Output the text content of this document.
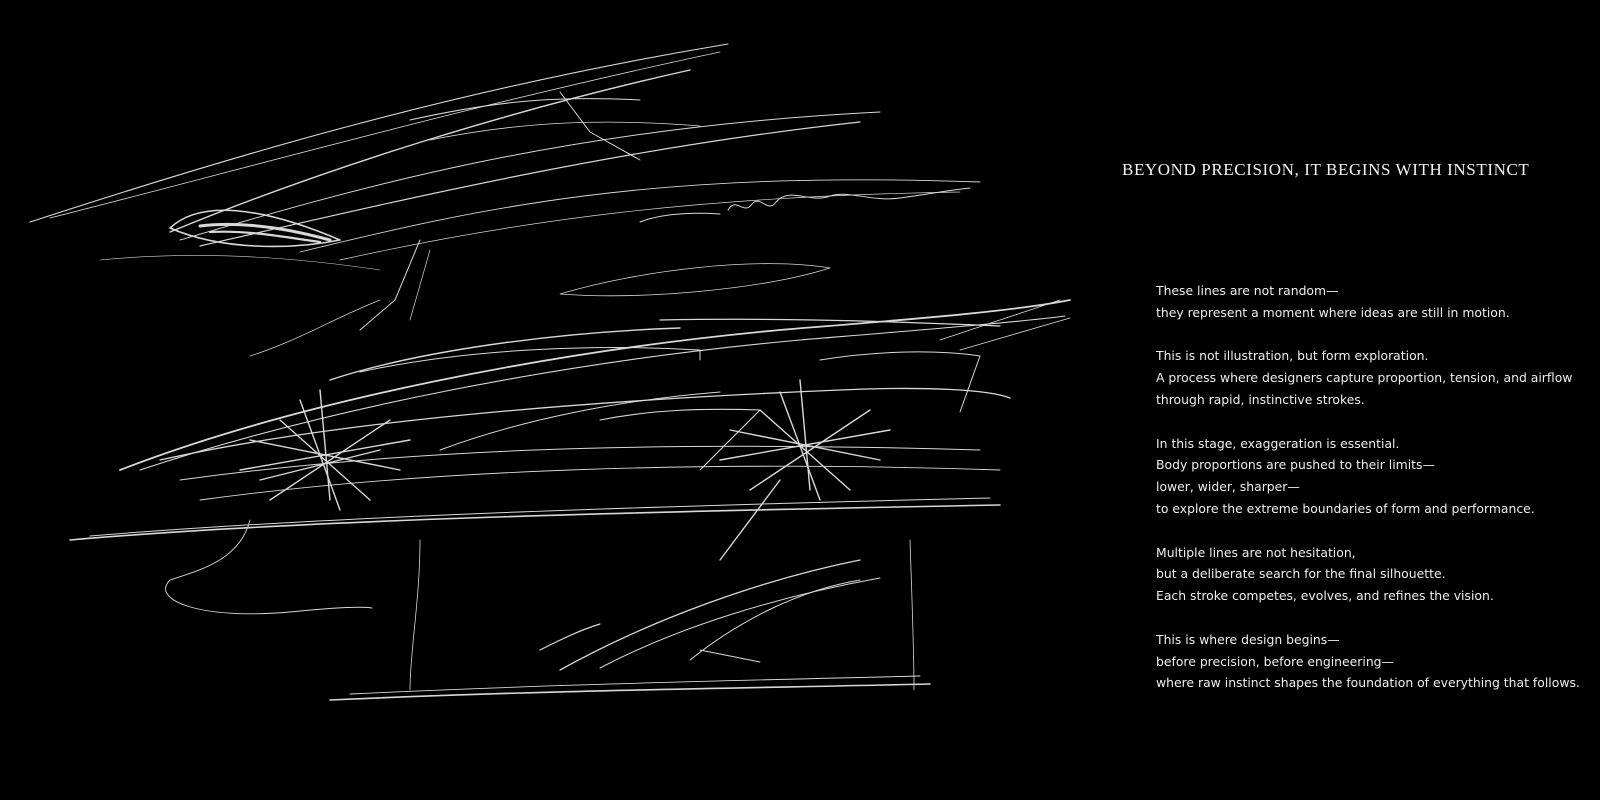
BEYOND PRECISION, IT BEGINS WITH INSTINCT

These lines are not random—
they represent a moment where ideas are still in motion.

This is not illustration, but form exploration.
A process where designers capture proportion, tension, and airflow
through rapid, instinctive strokes.

In this stage, exaggeration is essential.
Body proportions are pushed to their limits—
lower, wider, sharper—
to explore the extreme boundaries of form and performance.

Multiple lines are not hesitation,
but a deliberate search for the final silhouette.
Each stroke competes, evolves, and refines the vision.

This is where design begins—
before precision, before engineering—
where raw instinct shapes the foundation of everything that follows.
